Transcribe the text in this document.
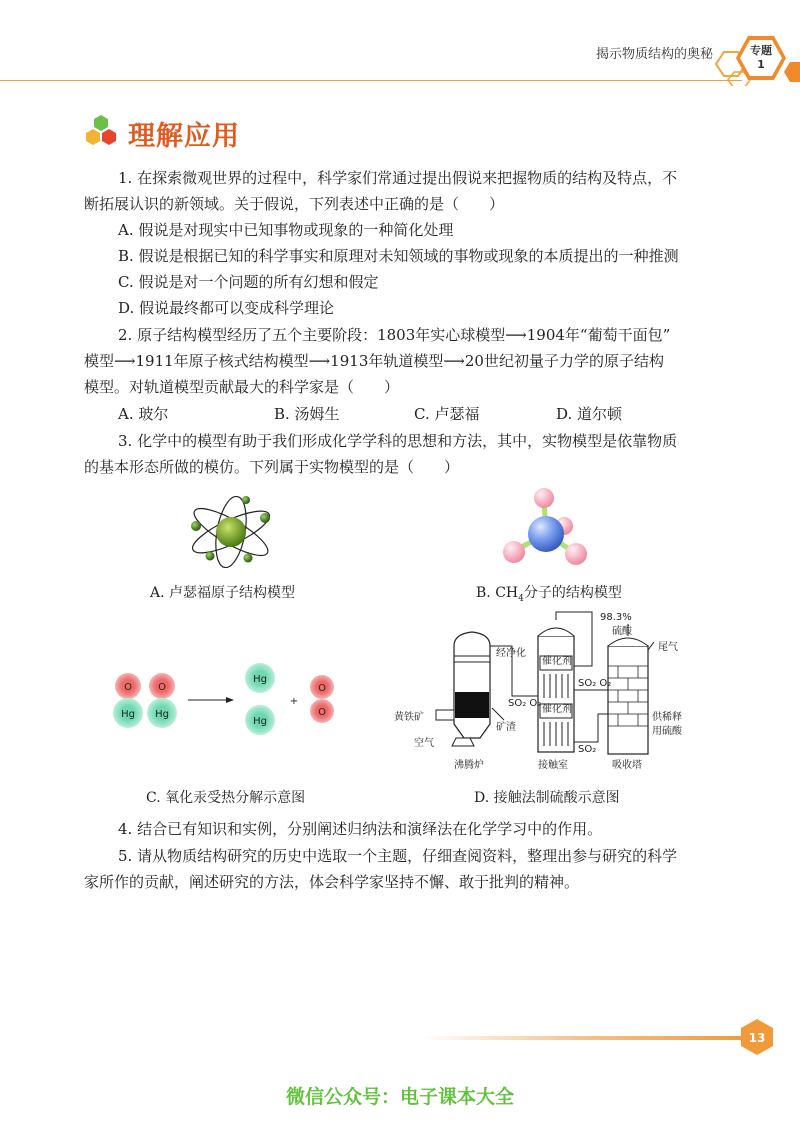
揭示物质结构的奥秘	专题
1
理解应用
1. 在探索微观世界的过程中，科学家们常通过提出假说来把握物质的结构及特点，不
断拓展认识的新领域。关于假说，下列表述中正确的是（　　）
A. 假说是对现实中已知事物或现象的一种简化处理
B. 假说是根据已知的科学事实和原理对未知领域的事物或现象的本质提出的一种推测
C. 假说是对一个问题的所有幻想和假定
D. 假说最终都可以变成科学理论
2. 原子结构模型经历了五个主要阶段：1803年实心球模型⟶1904年“葡萄干面包”
模型⟶1911年原子核式结构模型⟶1913年轨道模型⟶20世纪初量子力学的原子结构
模型。对轨道模型贡献最大的科学家是（　　）
A. 玻尔	B. 汤姆生	C. 卢瑟福	D. 道尔顿
3. 化学中的模型有助于我们形成化学学科的思想和方法，其中，实物模型是依靠物质
的基本形态所做的模仿。下列属于实物模型的是（　　）
A. 卢瑟福原子结构模型	B. $CH_4$分子的结构模型
O
Hg
O
Hg
Hg
Hg
+
O
O
C. 氧化汞受热分解示意图
98.3%
硫酸
尾气
经净化
催化剂
催化剂
SO₂ O₂
SO₂ O₂
SO₂
黄铁矿
矿渣
空气
供稀释
用硫酸
沸腾炉	接触室	吸收塔
D. 接触法制硫酸示意图
4. 结合已有知识和实例，分别阐述归纳法和演绎法在化学学习中的作用。
5. 请从物质结构研究的历史中选取一个主题，仔细查阅资料，整理出参与研究的科学
家所作的贡献，阐述研究的方法，体会科学家坚持不懈、敢于批判的精神。
13
微信公众号：电子课本大全
